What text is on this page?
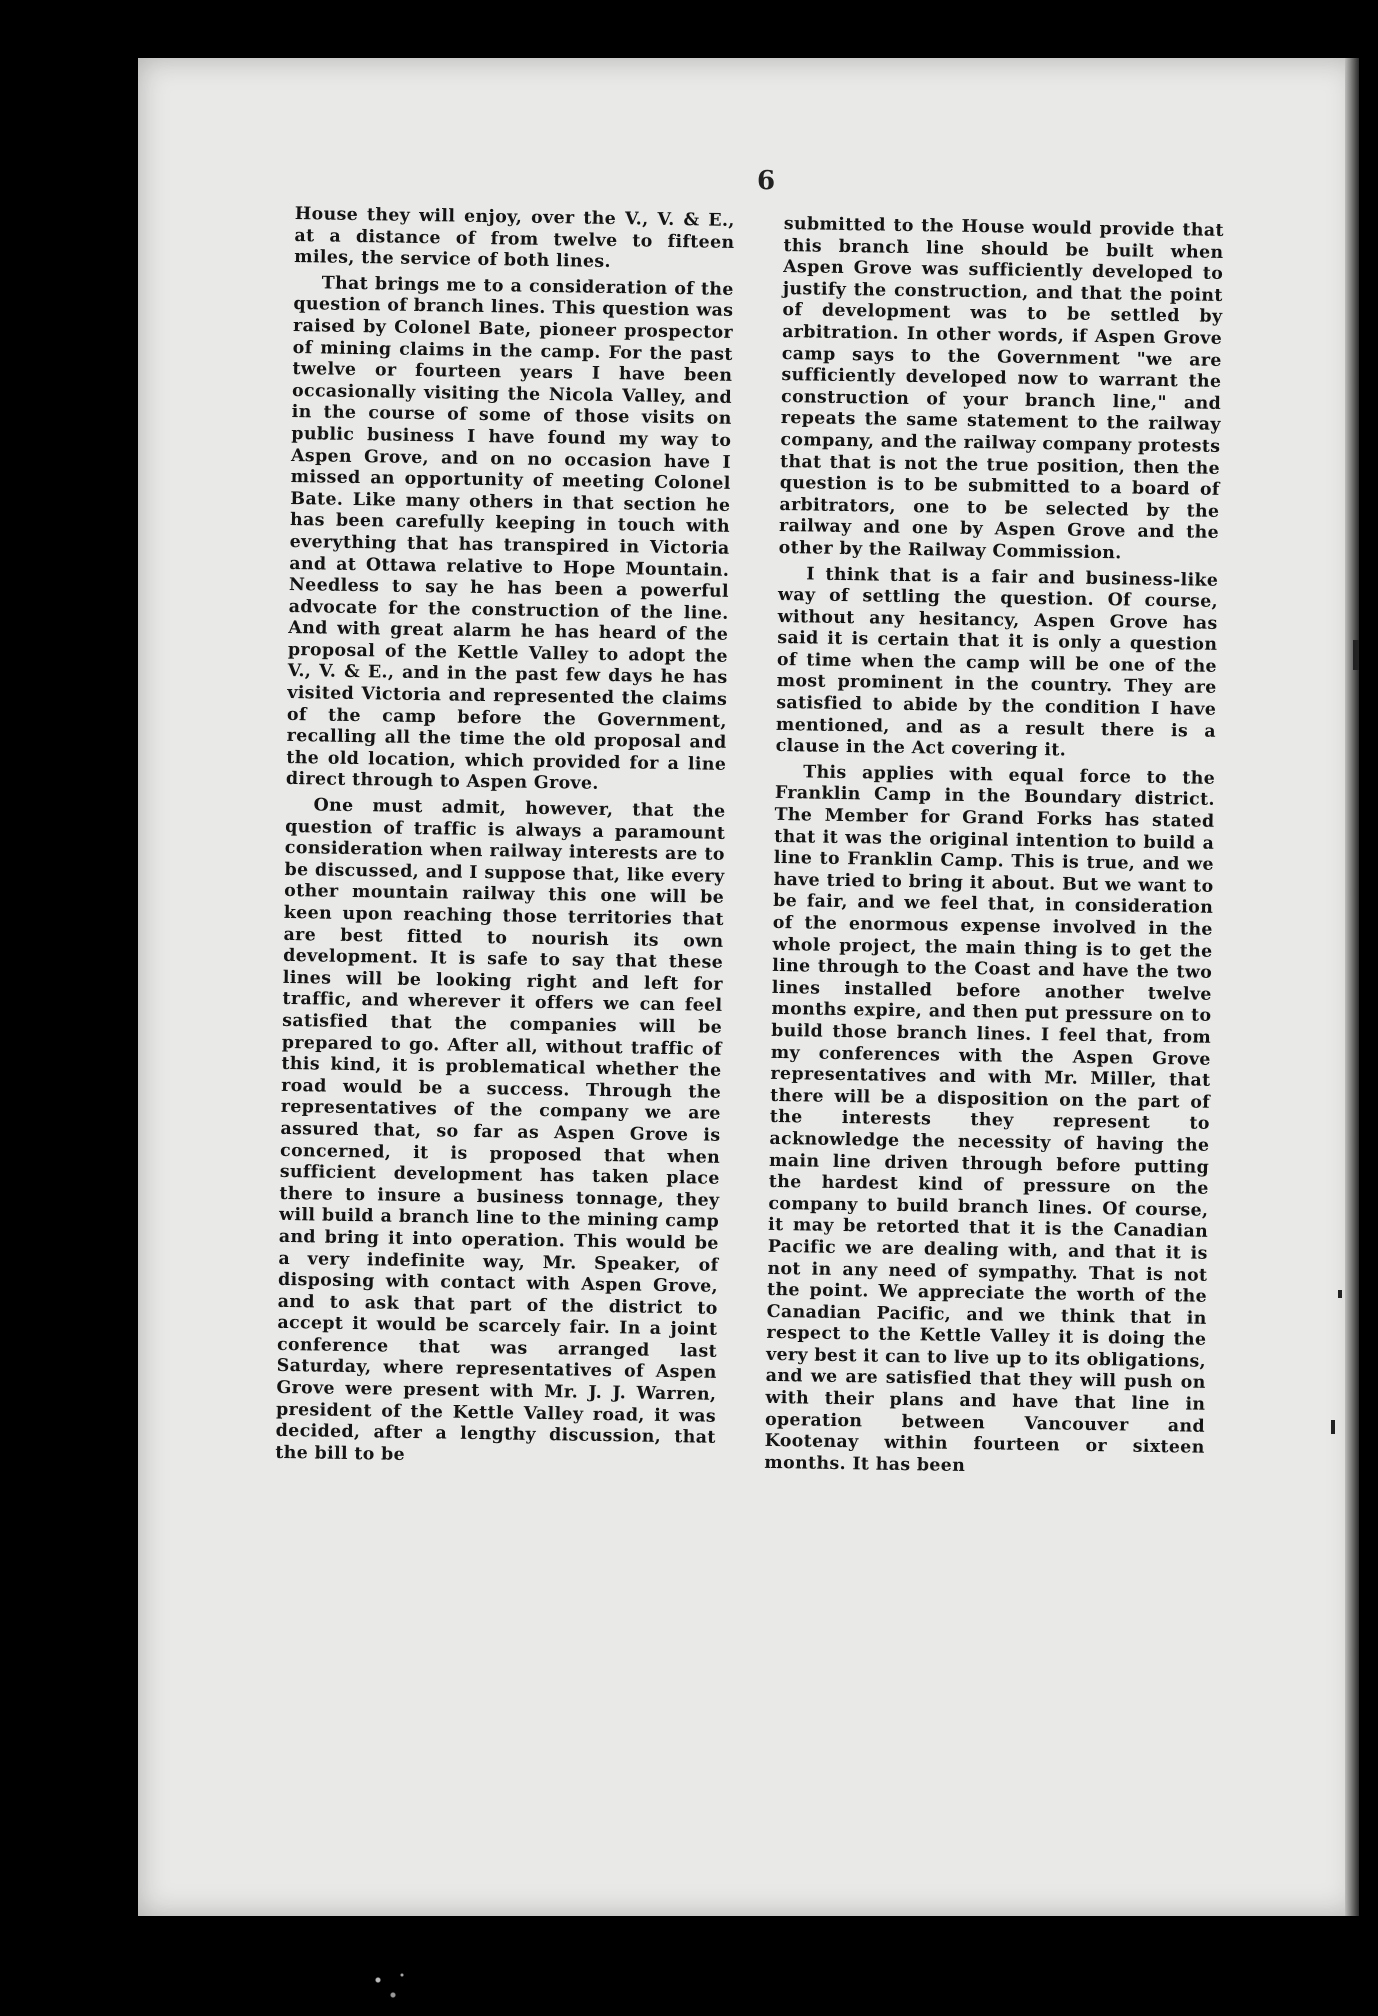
6

House they will enjoy, over the V., V. & E., at a distance of from twelve to fifteen miles, the service of both lines.

That brings me to a consideration of the question of branch lines. This question was raised by Colonel Bate, pioneer prospector of mining claims in the camp. For the past twelve or fourteen years I have been occasionally visiting the Nicola Valley, and in the course of some of those visits on public business I have found my way to Aspen Grove, and on no occasion have I missed an opportunity of meeting Colonel Bate. Like many others in that section he has been carefully keeping in touch with everything that has transpired in Victoria and at Ottawa relative to Hope Mountain. Needless to say he has been a powerful advocate for the construction of the line. And with great alarm he has heard of the proposal of the Kettle Valley to adopt the V., V. & E., and in the past few days he has visited Victoria and represented the claims of the camp before the Government, recalling all the time the old proposal and the old location, which provided for a line direct through to Aspen Grove.

One must admit, however, that the question of traffic is always a paramount consideration when railway interests are to be discussed, and I suppose that, like every other mountain railway this one will be keen upon reaching those territories that are best fitted to nourish its own development. It is safe to say that these lines will be looking right and left for traffic, and wherever it offers we can feel satisfied that the companies will be prepared to go. After all, without traffic of this kind, it is problematical whether the road would be a success. Through the representatives of the company we are assured that, so far as Aspen Grove is concerned, it is proposed that when sufficient development has taken place there to insure a business tonnage, they will build a branch line to the mining camp and bring it into operation. This would be a very indefinite way, Mr. Speaker, of disposing with contact with Aspen Grove, and to ask that part of the district to accept it would be scarcely fair. In a joint conference that was arranged last Saturday, where representatives of Aspen Grove were present with Mr. J. J. Warren, president of the Kettle Valley road, it was decided, after a lengthy discussion, that the bill to be

submitted to the House would provide that this branch line should be built when Aspen Grove was sufficiently developed to justify the construction, and that the point of development was to be settled by arbitration. In other words, if Aspen Grove camp says to the Government "we are sufficiently developed now to warrant the construction of your branch line," and repeats the same statement to the railway company, and the railway company protests that that is not the true position, then the question is to be submitted to a board of arbitrators, one to be selected by the railway and one by Aspen Grove and the other by the Railway Commission.

I think that is a fair and business-like way of settling the question. Of course, without any hesitancy, Aspen Grove has said it is certain that it is only a question of time when the camp will be one of the most prominent in the country. They are satisfied to abide by the condition I have mentioned, and as a result there is a clause in the Act covering it.

This applies with equal force to the Franklin Camp in the Boundary district. The Member for Grand Forks has stated that it was the original intention to build a line to Franklin Camp. This is true, and we have tried to bring it about. But we want to be fair, and we feel that, in consideration of the enormous expense involved in the whole project, the main thing is to get the line through to the Coast and have the two lines installed before another twelve months expire, and then put pressure on to build those branch lines. I feel that, from my conferences with the Aspen Grove representatives and with Mr. Miller, that there will be a disposition on the part of the interests they represent to acknowledge the necessity of having the main line driven through before putting the hardest kind of pressure on the company to build branch lines. Of course, it may be retorted that it is the Canadian Pacific we are dealing with, and that it is not in any need of sympathy. That is not the point. We appreciate the worth of the Canadian Pacific, and we think that in respect to the Kettle Valley it is doing the very best it can to live up to its obligations, and we are satisfied that they will push on with their plans and have that line in operation between Vancouver and Kootenay within fourteen or sixteen months. It has been
